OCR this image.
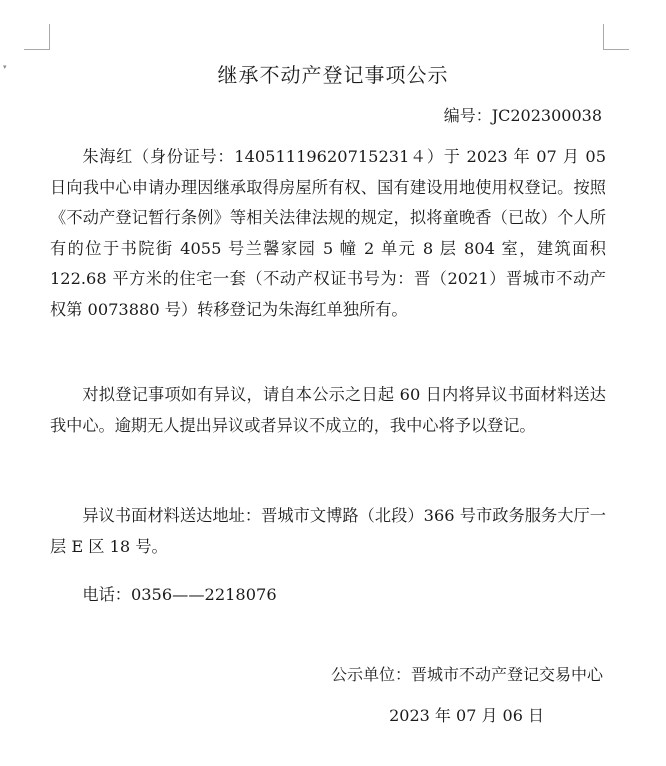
▾	继承不动产登记事项公示
编号：JC202300038
朱海红（身份证号：14051119620715231４）于 2023 年 07 月 05 日向我中心申请办理因继承取得房屋所有权、国有建设用地使用权登记。按照《不动产登记暂行条例》等相关法律法规的规定，拟将童晚香（已故）个人所有的位于书院街 4055 号兰馨家园 5 幢 2 单元 8 层 804 室，建筑面积 122.68 平方米的住宅一套（不动产权证书号为：晋（2021）晋城市不动产权第 0073880 号）转移登记为朱海红单独所有。
对拟登记事项如有异议，请自本公示之日起 60 日内将异议书面材料送达我中心。逾期无人提出异议或者异议不成立的，我中心将予以登记。
异议书面材料送达地址：晋城市文博路（北段）366 号市政务服务大厅一层 E 区 18 号。
电话：0356——2218076
公示单位：晋城市不动产登记交易中心
2023 年 07 月 06 日
